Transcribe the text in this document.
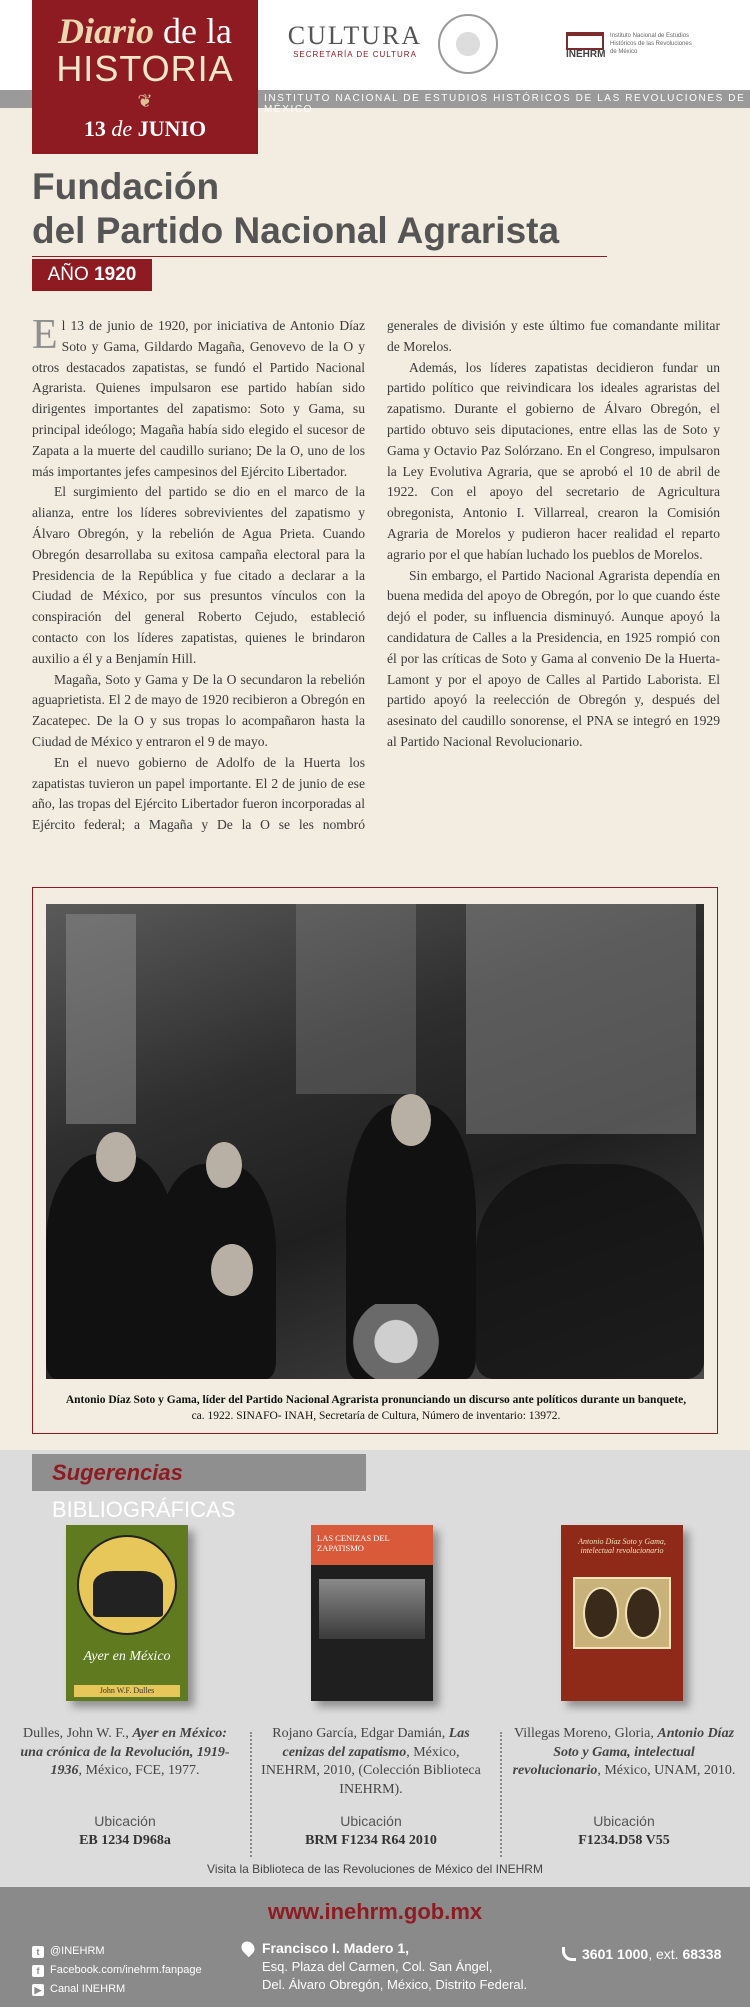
CULTURA
SECRETARÍA DE CULTURA	INEHRM
Instituto Nacional de Estudios Históricos de las Revoluciones de México
INSTITUTO NACIONAL DE ESTUDIOS HISTÓRICOS DE LAS REVOLUCIONES DE MÉXICO
Diario de la
HISTORIA
❦
13 de JUNIO
Fundación
del Partido Nacional Agrarista
AÑO 1920

El 13 de junio de 1920, por iniciativa de Antonio Díaz Soto y Gama, Gildardo Magaña, Genovevo de la O y otros destacados zapatistas, se fundó el Partido Nacional Agrarista. Quienes impulsaron ese partido habían sido dirigentes importantes del zapatismo: Soto y Gama, su principal ideólogo; Magaña había sido elegido el sucesor de Zapata a la muerte del caudillo suriano; De la O, uno de los más importantes jefes campesinos del Ejército Libertador.

El surgimiento del partido se dio en el marco de la alianza, entre los líderes sobrevivientes del zapatismo y Álvaro Obregón, y la rebelión de Agua Prieta. Cuando Obregón desarrollaba su exitosa campaña electoral para la Presidencia de la República y fue citado a declarar a la Ciudad de México, por sus presuntos vínculos con la conspiración del general Roberto Cejudo, estableció contacto con los líderes zapatistas, quienes le brindaron auxilio a él y a Benjamín Hill.

Magaña, Soto y Gama y De la O secundaron la rebelión aguaprietista. El 2 de mayo de 1920 recibieron a Obregón en Zacatepec. De la O y sus tropas lo acompañaron hasta la Ciudad de México y entraron el 9 de mayo.

En el nuevo gobierno de Adolfo de la Huerta los zapatistas tuvieron un papel importante. El 2 de junio de ese año, las tropas del Ejército Libertador fueron incorporadas al Ejército federal; a Magaña y De la O se les nombró generales de división y este último fue comandante militar de Morelos.

Además, los líderes zapatistas decidieron fundar un partido político que reivindicara los ideales agraristas del zapatismo. Durante el gobierno de Álvaro Obregón, el partido obtuvo seis diputaciones, entre ellas las de Soto y Gama y Octavio Paz Solórzano. En el Congreso, impulsaron la Ley Evolutiva Agraria, que se aprobó el 10 de abril de 1922. Con el apoyo del secretario de Agricultura obregonista, Antonio I. Villarreal, crearon la Comisión Agraria de Morelos y pudieron hacer realidad el reparto agrario por el que habían luchado los pueblos de Morelos.

Sin embargo, el Partido Nacional Agrarista dependía en buena medida del apoyo de Obregón, por lo que cuando éste dejó el poder, su influencia disminuyó. Aunque apoyó la candidatura de Calles a la Presidencia, en 1925 rompió con él por las críticas de Soto y Gama al convenio De la Huerta-Lamont y por el apoyo de Calles al Partido Laborista. El partido apoyó la reelección de Obregón y, después del asesinato del caudillo sonorense, el PNA se integró en 1929 al Partido Nacional Revolucionario.

Antonio Díaz Soto y Gama, líder del Partido Nacional Agrarista pronunciando un discurso ante políticos durante un banquete,
ca. 1922. SINAFO- INAH, Secretaría de Cultura, Número de inventario: 13972.
Sugerencias BIBLIOGRÁFICAS
Ayer en México
John W.F. Dulles
LAS CENIZAS DEL ZAPATISMO
Antonio Díaz Soto y Gama, intelectual revolucionario
Dulles, John W. F., Ayer en México: una crónica de la Revolución, 1919-1936, México, FCE, 1977.
Rojano García, Edgar Damián, Las cenizas del zapatismo, México, INEHRM, 2010, (Colección Biblioteca INEHRM).
Villegas Moreno, Gloria, Antonio Díaz Soto y Gama, intelectual revolucionario, México, UNAM, 2010.
Ubicación
EB 1234 D968a
Ubicación
BRM F1234 R64 2010
Ubicación
F1234.D58 V55
Visita la Biblioteca de las Revoluciones de México del INEHRM
www.inehrm.gob.mx
t @INEHRM
f Facebook.com/inehrm.fanpage
▶ Canal INEHRM
Francisco I. Madero 1,
Esq. Plaza del Carmen, Col. San Ángel,
Del. Álvaro Obregón, México, Distrito Federal.
3601 1000, ext. 68338
